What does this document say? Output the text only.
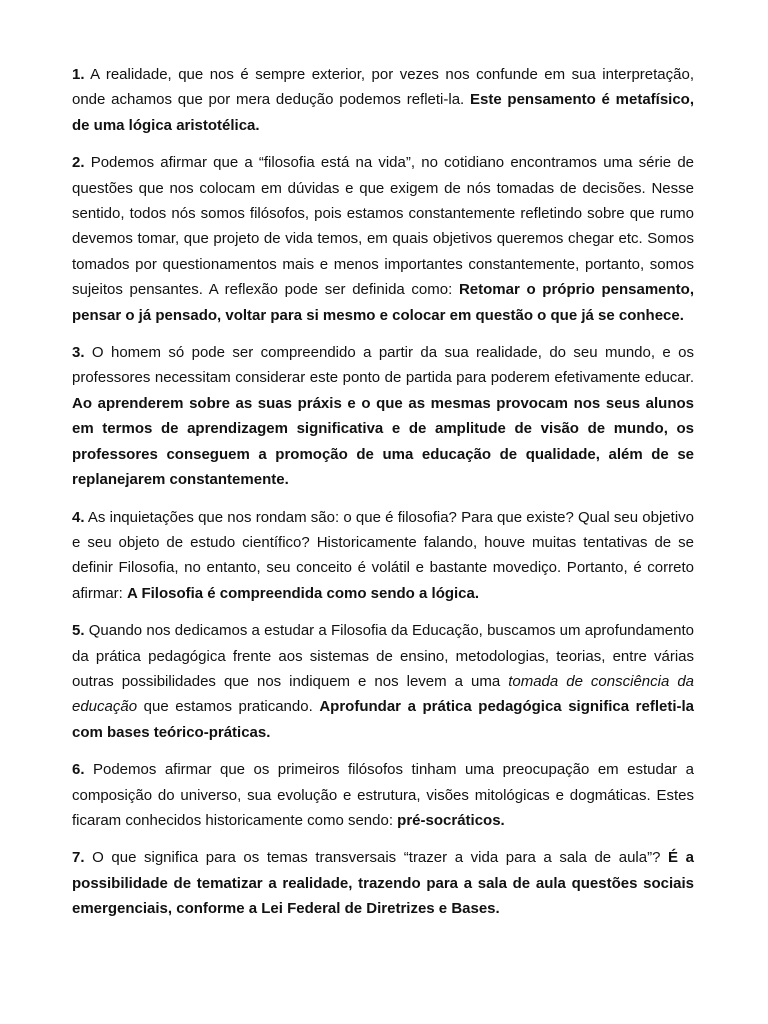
1. A realidade, que nos é sempre exterior, por vezes nos confunde em sua interpretação, onde achamos que por mera dedução podemos refleti-la. Este pensamento é metafísico, de uma lógica aristotélica.

2. Podemos afirmar que a “filosofia está na vida”, no cotidiano encontramos uma série de questões que nos colocam em dúvidas e que exigem de nós tomadas de decisões. Nesse sentido, todos nós somos filósofos, pois estamos constantemente refletindo sobre que rumo devemos tomar, que projeto de vida temos, em quais objetivos queremos chegar etc. Somos tomados por questionamentos mais e menos importantes constantemente, portanto, somos sujeitos pensantes. A reflexão pode ser definida como: Retomar o próprio pensamento, pensar o já pensado, voltar para si mesmo e colocar em questão o que já se conhece.

3. O homem só pode ser compreendido a partir da sua realidade, do seu mundo, e os professores necessitam considerar este ponto de partida para poderem efetivamente educar. Ao aprenderem sobre as suas práxis e o que as mesmas provocam nos seus alunos em termos de aprendizagem significativa e de amplitude de visão de mundo, os professores conseguem a promoção de uma educação de qualidade, além de se replanejarem constantemente.

4. As inquietações que nos rondam são: o que é filosofia? Para que existe? Qual seu objetivo e seu objeto de estudo científico? Historicamente falando, houve muitas tentativas de se definir Filosofia, no entanto, seu conceito é volátil e bastante movediço. Portanto, é correto afirmar: A Filosofia é compreendida como sendo a lógica.

5. Quando nos dedicamos a estudar a Filosofia da Educação, buscamos um aprofundamento da prática pedagógica frente aos sistemas de ensino, metodologias, teorias, entre várias outras possibilidades que nos indiquem e nos levem a uma tomada de consciência da educação que estamos praticando. Aprofundar a prática pedagógica significa refleti-la com bases teórico-práticas.

6. Podemos afirmar que os primeiros filósofos tinham uma preocupação em estudar a composição do universo, sua evolução e estrutura, visões mitológicas e dogmáticas. Estes ficaram conhecidos historicamente como sendo: pré-socráticos.

7. O que significa para os temas transversais “trazer a vida para a sala de aula”? É a possibilidade de tematizar a realidade, trazendo para a sala de aula questões sociais emergenciais, conforme a Lei Federal de Diretrizes e Bases.
